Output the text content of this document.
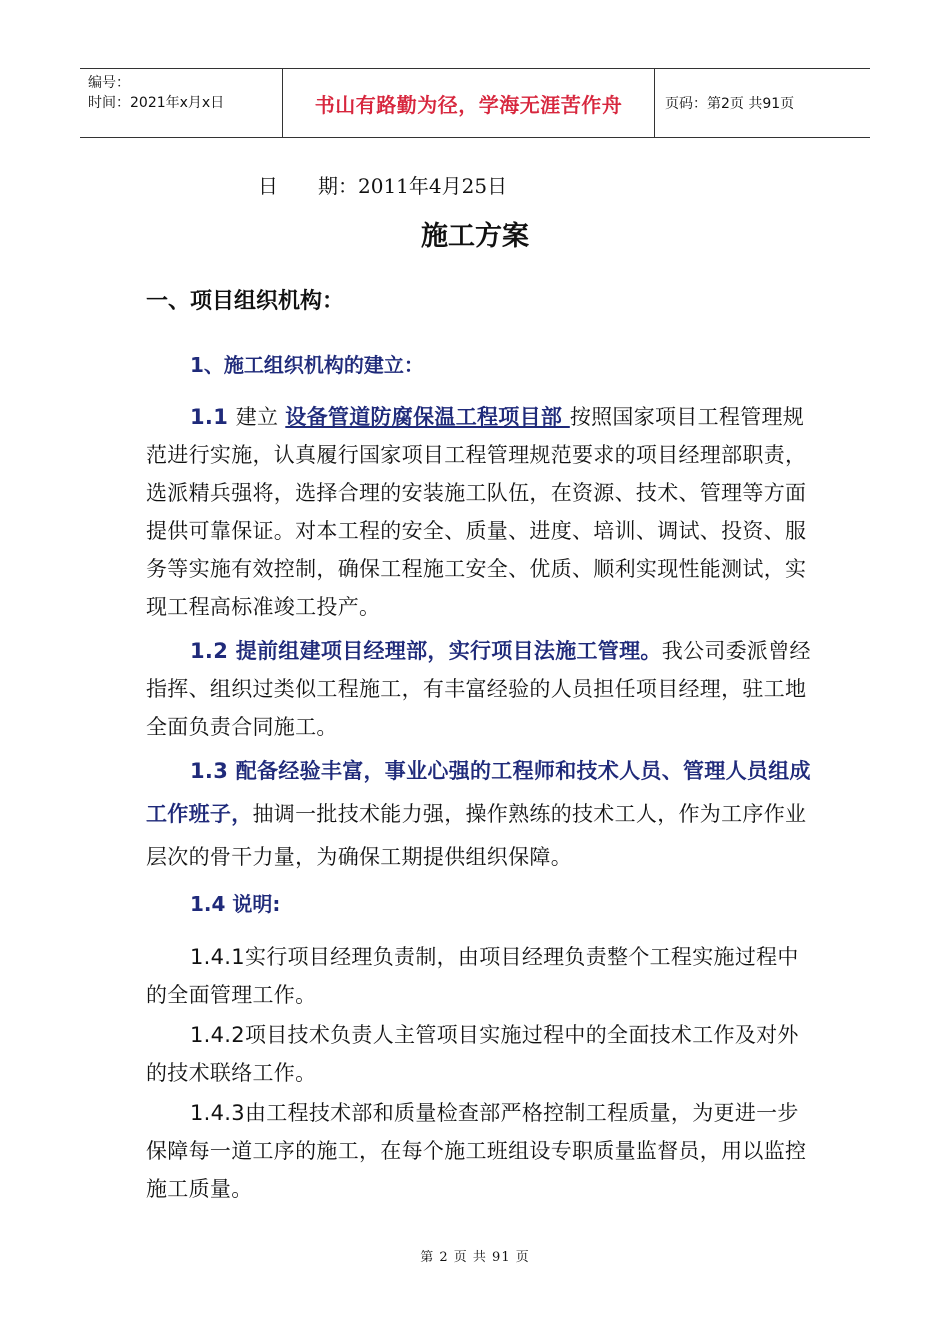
编号：
时间：2021年x月x日	书山有路勤为径，学海无涯苦作舟	页码：第2页 共91页
日 期：2011年4月25日
施工方案
一、项目组织机构：
1、施工组织机构的建立：

1.1 建立 设备管道防腐保温工程项目部 按照国家项目工程管理规范进行实施，认真履行国家项目工程管理规范要求的项目经理部职责，选派精兵强将，选择合理的安装施工队伍，在资源、技术、管理等方面提供可靠保证。对本工程的安全、质量、进度、培训、调试、投资、服务等实施有效控制，确保工程施工安全、优质、顺利实现性能测试，实现工程高标准竣工投产。

1.2 提前组建项目经理部，实行项目法施工管理。我公司委派曾经指挥、组织过类似工程施工，有丰富经验的人员担任项目经理，驻工地全面负责合同施工。

1.3 配备经验丰富，事业心强的工程师和技术人员、管理人员组成工作班子，抽调一批技术能力强，操作熟练的技术工人，作为工序作业层次的骨干力量，为确保工期提供组织保障。

1.4 说明:

1.4.1实行项目经理负责制，由项目经理负责整个工程实施过程中的全面管理工作。

1.4.2项目技术负责人主管项目实施过程中的全面技术工作及对外的技术联络工作。

1.4.3由工程技术部和质量检查部严格控制工程质量，为更进一步保障每一道工序的施工，在每个施工班组设专职质量监督员，用以监控施工质量。

第 2 页 共 91 页
